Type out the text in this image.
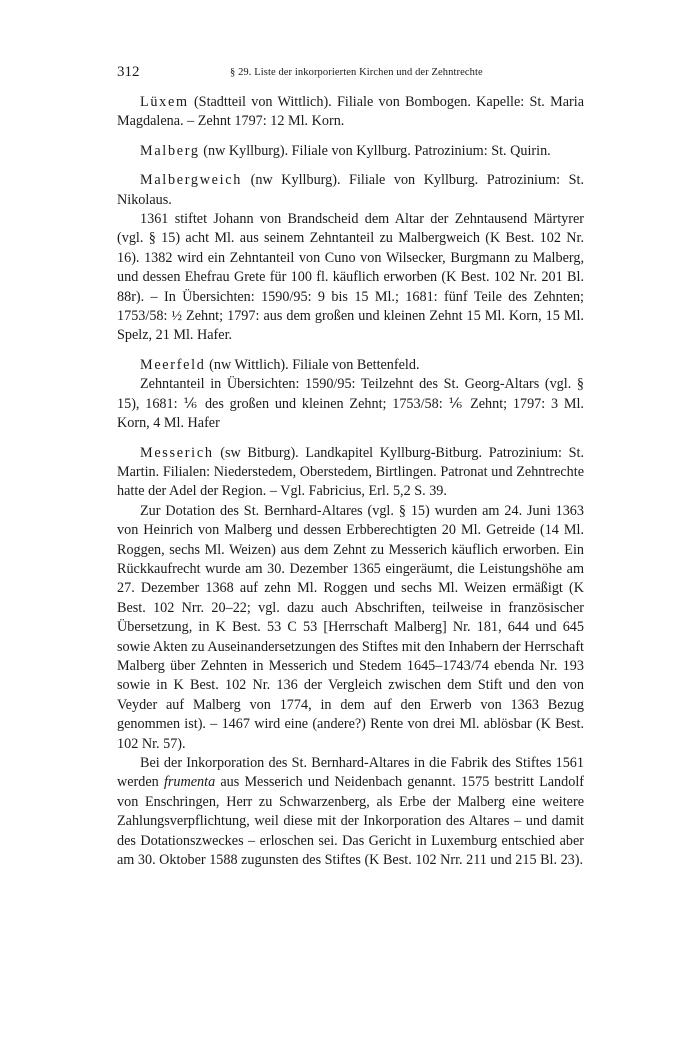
312	§ 29. Liste der inkorporierten Kirchen und der Zehntrechte

Lüxem (Stadtteil von Wittlich). Filiale von Bombogen. Kapelle: St. Maria Magdalena. – Zehnt 1797: 12 Ml. Korn.

Malberg (nw Kyllburg). Filiale von Kyllburg. Patrozinium: St. Quirin.

Malbergweich (nw Kyllburg). Filiale von Kyllburg. Patrozinium: St. Nikolaus.

1361 stiftet Johann von Brandscheid dem Altar der Zehntausend Märtyrer (vgl. § 15) acht Ml. aus seinem Zehntanteil zu Malbergweich (K Best. 102 Nr. 16). 1382 wird ein Zehntanteil von Cuno von Wilsecker, Burgmann zu Malberg, und dessen Ehefrau Grete für 100 fl. käuflich erworben (K Best. 102 Nr. 201 Bl. 88r). – In Übersichten: 1590/95: 9 bis 15 Ml.; 1681: fünf Teile des Zehnten; 1753/58: ½ Zehnt; 1797: aus dem großen und kleinen Zehnt 15 Ml. Korn, 15 Ml. Spelz, 21 Ml. Hafer.

Meerfeld (nw Wittlich). Filiale von Bettenfeld.

Zehntanteil in Übersichten: 1590/95: Teilzehnt des St. Georg-Altars (vgl. § 15), 1681: ⅙ des großen und kleinen Zehnt; 1753/58: ⅙ Zehnt; 1797: 3 Ml. Korn, 4 Ml. Hafer

Messerich (sw Bitburg). Landkapitel Kyllburg-Bitburg. Patrozinium: St. Martin. Filialen: Niederstedem, Oberstedem, Birtlingen. Patronat und Zehntrechte hatte der Adel der Region. – Vgl. Fabricius, Erl. 5,2 S. 39.

Zur Dotation des St. Bernhard-Altares (vgl. § 15) wurden am 24. Juni 1363 von Heinrich von Malberg und dessen Erbberechtigten 20 Ml. Getreide (14 Ml. Roggen, sechs Ml. Weizen) aus dem Zehnt zu Messerich käuflich erworben. Ein Rückkaufrecht wurde am 30. Dezember 1365 eingeräumt, die Leistungshöhe am 27. Dezember 1368 auf zehn Ml. Roggen und sechs Ml. Weizen ermäßigt (K Best. 102 Nrr. 20–22; vgl. dazu auch Abschriften, teilweise in französischer Übersetzung, in K Best. 53 C 53 [Herrschaft Malberg] Nr. 181, 644 und 645 sowie Akten zu Auseinandersetzungen des Stiftes mit den Inhabern der Herrschaft Malberg über Zehnten in Messerich und Stedem 1645–1743/74 ebenda Nr. 193 sowie in K Best. 102 Nr. 136 der Vergleich zwischen dem Stift und den von Veyder auf Malberg von 1774, in dem auf den Erwerb von 1363 Bezug genommen ist). – 1467 wird eine (andere?) Rente von drei Ml. ablösbar (K Best. 102 Nr. 57).

Bei der Inkorporation des St. Bernhard-Altares in die Fabrik des Stiftes 1561 werden frumenta aus Messerich und Neidenbach genannt. 1575 bestritt Landolf von Enschringen, Herr zu Schwarzenberg, als Erbe der Malberg eine weitere Zahlungsverpflichtung, weil diese mit der Inkorporation des Altares – und damit des Dotationszweckes – erloschen sei. Das Gericht in Luxemburg entschied aber am 30. Oktober 1588 zugunsten des Stiftes (K Best. 102 Nrr. 211 und 215 Bl. 23).
